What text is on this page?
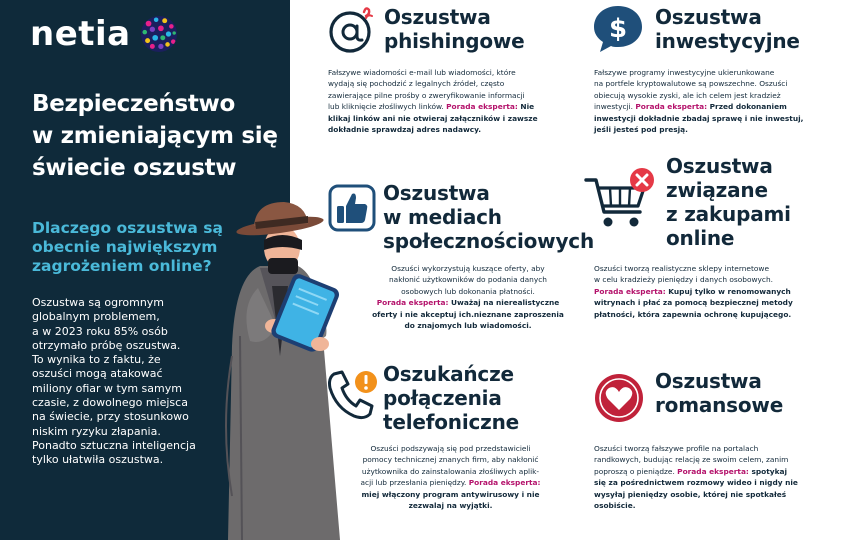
netia
Bezpieczeństwo
w zmieniającym się
świecie oszustw
Dlaczego oszustwa są
obecnie największym
zagrożeniem online?
Oszustwa są ogromnym
globalnym problemem,
a w 2023 roku 85% osób
otrzymało próbę oszustwa.
To wynika to z faktu, że
oszuści mogą atakować
miliony ofiar w tym samym
czasie, z dowolnego miejsca
na świecie, przy stosunkowo
niskim ryzyku złapania.
Ponadto sztuczna inteligencja
tylko ułatwiła oszustwa.
Oszustwa
phishingowe
Fałszywe wiadomości e-mail lub wiadomości, które
wydają się pochodzić z legalnych źródeł, często
zawierające pilne prośby o zweryfikowanie informacji
lub kliknięcie złośliwych linków. Porada eksperta: Nie
klikaj linków ani nie otwieraj załączników i zawsze
dokładnie sprawdzaj adres nadawcy.
$ Oszustwa
inwestycyjne
Fałszywe programy inwestycyjne ukierunkowane
na portfele kryptowalutowe są powszechne. Oszuści
obiecują wysokie zyski, ale ich celem jest kradzież
inwestycji. Porada eksperta: Przed dokonaniem
inwestycji dokładnie zbadaj sprawę i nie inwestuj,
jeśli jesteś pod presją.
Oszustwa
w mediach
społecznościowych
Oszuści wykorzystują kuszące oferty, aby
nakłonić użytkowników do podania danych
osobowych lub dokonania płatności.
Porada eksperta: Uważaj na nierealistyczne
oferty i nie akceptuj ich.nieznane zaproszenia
do znajomych lub wiadomości.
Oszustwa
związane
z zakupami
online
Oszuści tworzą realistyczne sklepy internetowe
w celu kradzieży pieniędzy i danych osobowych.
Porada eksperta: Kupuj tylko w renomowanych
witrynach i płać za pomocą bezpiecznej metody
płatności, która zapewnia ochronę kupującego.
Oszukańcze
połączenia
telefoniczne
Oszuści podszywają się pod przedstawicieli
pomocy technicznej znanych firm, aby nakłonić
użytkownika do zainstalowania złośliwych aplik-
acji lub przesłania pieniędzy. Porada eksperta:
miej włączony program antywirusowy i nie
zezwalaj na wyjątki.
Oszustwa
romansowe
Oszuści tworzą fałszywe profile na portalach
randkowych, budując relację ze swoim celem, zanim
poproszą o pieniądze. Porada eksperta: spotykaj
się za pośrednictwem rozmowy wideo i nigdy nie
wysyłaj pieniędzy osobie, której nie spotkałeś
osobiście.
